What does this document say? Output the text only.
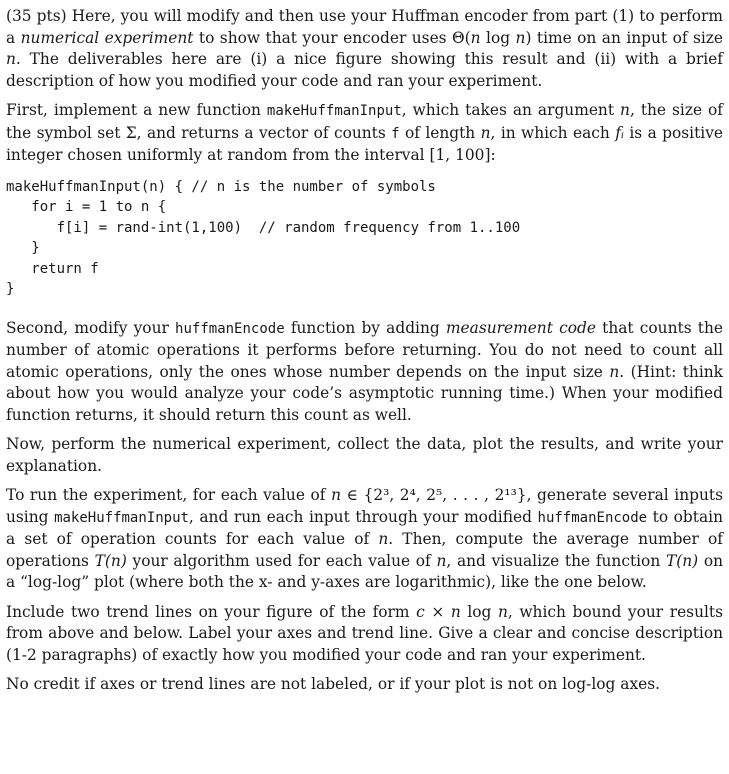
(35 pts) Here, you will modify and then use your Huffman encoder from part (1) to perform a numerical experiment to show that your encoder uses Θ(n log n) time on an input of size n. The deliverables here are (i) a nice figure showing this result and (ii) with a brief description of how you modified your code and ran your experiment.

First, implement a new function makeHuffmanInput, which takes an argument n, the size of the symbol set Σ, and returns a vector of counts f of length n, in which each fᵢ is a positive integer chosen uniformly at random from the interval [1, 100]:

makeHuffmanInput(n) { // n is the number of symbols
for i = 1 to n {
f[i] = rand-int(1,100)  // random frequency from 1..100
}
return f
}

Second, modify your huffmanEncode function by adding measurement code that counts the number of atomic operations it performs before returning. You do not need to count all atomic operations, only the ones whose number depends on the input size n. (Hint: think about how you would analyze your code’s asymptotic running time.) When your modified function returns, it should return this count as well.

Now, perform the numerical experiment, collect the data, plot the results, and write your explanation.

To run the experiment, for each value of n ∈ {2³, 2⁴, 2⁵, . . . , 2¹³}, generate several inputs using makeHuffmanInput, and run each input through your modified huffmanEncode to obtain a set of operation counts for each value of n. Then, compute the average number of operations T(n) your algorithm used for each value of n, and visualize the function T(n) on a “log-log” plot (where both the x- and y-axes are logarithmic), like the one below.

Include two trend lines on your figure of the form c × n log n, which bound your results from above and below. Label your axes and trend line. Give a clear and concise description (1-2 paragraphs) of exactly how you modified your code and ran your experiment.

No credit if axes or trend lines are not labeled, or if your plot is not on log-log axes.
